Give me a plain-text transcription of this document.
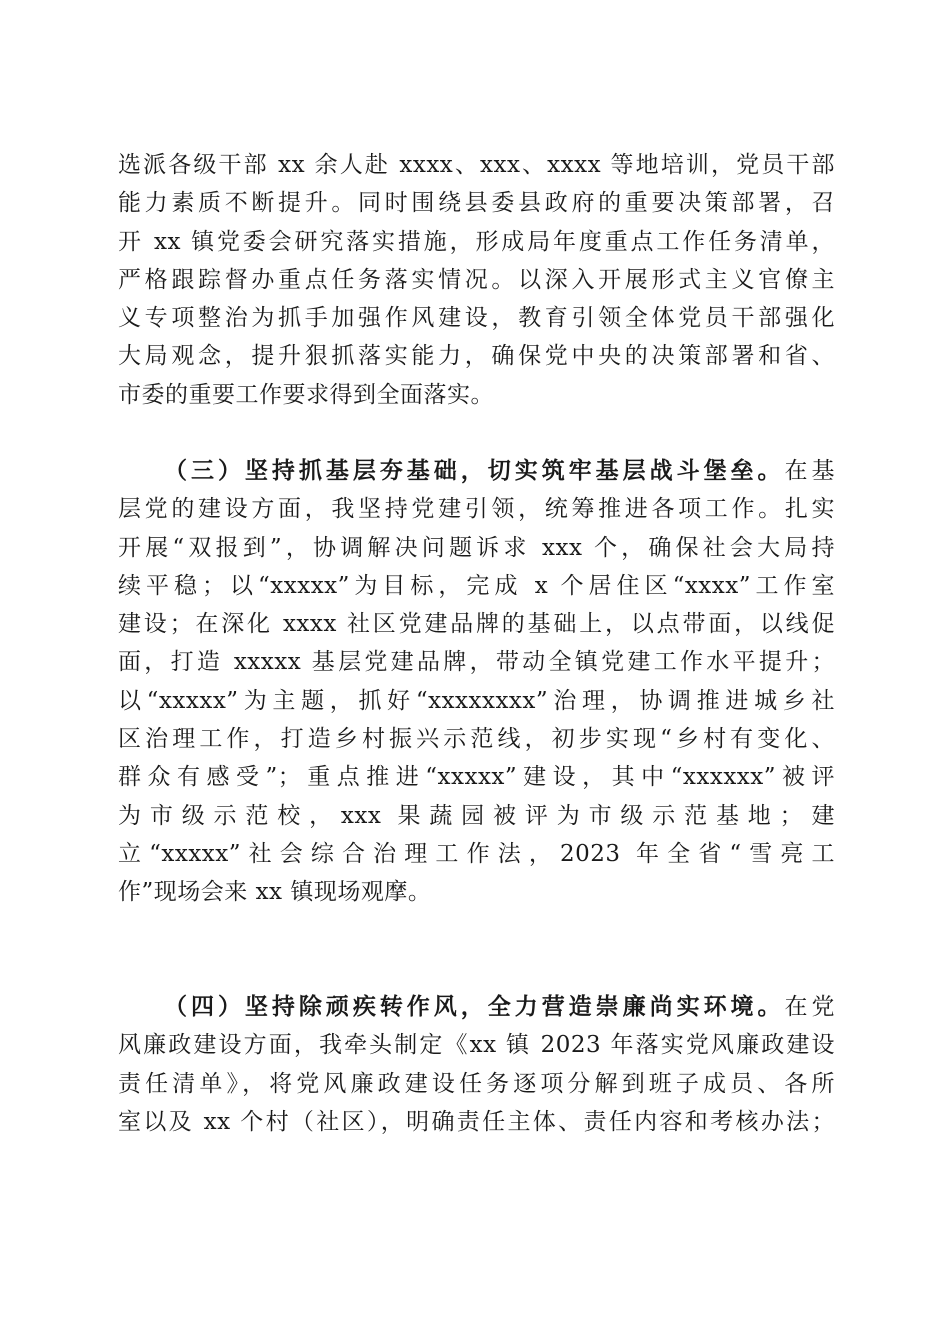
选派各级干部 xx 余人赴 xxxx、xxx、xxxx 等地培训，党员干部
能力素质不断提升。同时围绕县委县政府的重要决策部署，召
开 xx 镇党委会研究落实措施，形成局年度重点工作任务清单，
严格跟踪督办重点任务落实情况。以深入开展形式主义官僚主
义专项整治为抓手加强作风建设，教育引领全体党员干部强化
大局观念，提升狠抓落实能力，确保党中央的决策部署和省、
市委的重要工作要求得到全面落实。
（三）坚持抓基层夯基础，切实筑牢基层战斗堡垒。在基
层党的建设方面，我坚持党建引领，统筹推进各项工作。扎实
开展“双报到”，协调解决问题诉求 xxx 个，确保社会大局持
续平稳；以“xxxxx”为目标，完成 x 个居住区“xxxx”工作室
建设；在深化 xxxx 社区党建品牌的基础上，以点带面，以线促
面，打造 xxxxx 基层党建品牌，带动全镇党建工作水平提升；
以“xxxxx”为主题，抓好“xxxxxxxx”治理，协调推进城乡社
区治理工作，打造乡村振兴示范线，初步实现“乡村有变化、
群众有感受”；重点推进“xxxxx”建设，其中“xxxxxx”被评
为市级示范校，xxx 果蔬园被评为市级示范基地；建
立“xxxxx”社会综合治理工作法，2023 年全省“雪亮工
作”现场会来 xx 镇现场观摩。
（四）坚持除顽疾转作风，全力营造崇廉尚实环境。在党
风廉政建设方面，我牵头制定《xx 镇 2023 年落实党风廉政建设
责任清单》，将党风廉政建设任务逐项分解到班子成员、各所
室以及 xx 个村（社区），明确责任主体、责任内容和考核办法；
